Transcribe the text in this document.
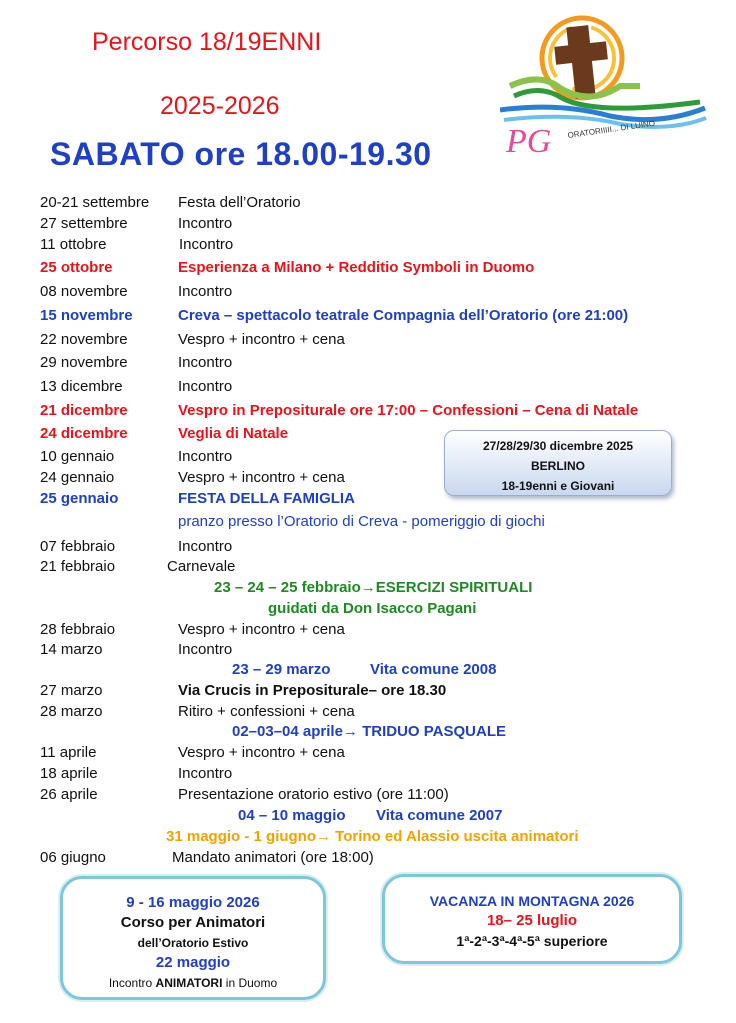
Percorso 18/19ENNI
2025-2026
SABATO ore 18.00-19.30 PG ORATORIIIII... DI LUINO
20-21 settembre Festa dell’Oratorio
27 settembre	Incontro
11 ottobre	Incontro
25 ottobre	Esperienza a Milano + Redditio Symboli in Duomo
08 novembre	Incontro
15 novembre	Creva – spettacolo teatrale Compagnia dell’Oratorio (ore 21:00)
22 novembre	Vespro + incontro + cena
29 novembre	Incontro
13 dicembre	Incontro
21 dicembre	Vespro in Prepositurale ore 17:00 – Confessioni – Cena di Natale
24 dicembre	Veglia di Natale
10 gennaio	Incontro
24 gennaio	Vespro + incontro + cena
25 gennaio	FESTA DELLA FAMIGLIA
pranzo presso l’Oratorio di Creva - pomeriggio di giochi
07 febbraio	Incontro
21 febbraio	Carnevale
28 febbraio	Vespro + incontro + cena
14 marzo	Incontro
27 marzo	Via Crucis in Prepositurale– ore 18.30
28 marzo	Ritiro + confessioni + cena
11 aprile	Vespro + incontro + cena
18 aprile	Incontro
26 aprile	Presentazione oratorio estivo (ore 11:00)
06 giugno	Mandato animatori (ore 18:00)
23 – 24 – 25 febbraio→ESERCIZI SPIRITUALI
guidati da Don Isacco Pagani
23 – 29 marzo	Vita comune 2008
02–03–04 aprile→ TRIDUO PASQUALE
04 – 10 maggio Vita comune 2007
31 maggio - 1 giugno→ Torino ed Alassio uscita animatori
27/28/29/30 dicembre 2025
BERLINO
18-19enni e Giovani
9 - 16 maggio 2026
Corso per Animatori
dell’Oratorio Estivo
22 maggio
Incontro ANIMATORI in Duomo
VACANZA IN MONTAGNA 2026
18– 25 luglio
1ª-2ª-3ª-4ª-5ª superiore
